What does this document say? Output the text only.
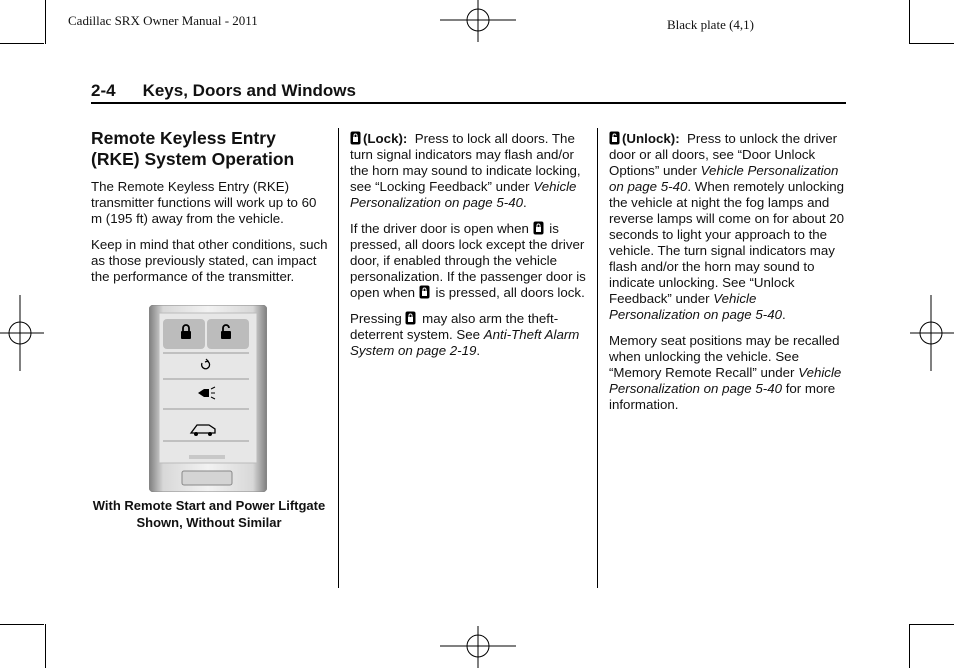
Cadillac SRX Owner Manual - 2011	Black plate (4,1)
2-4 Keys, Doors and Windows
Remote Keyless Entry
(RKE) System Operation

The Remote Keyless Entry (RKE) transmitter functions will work up to 60 m (195 ft) away from the vehicle.

Keep in mind that other conditions, such as those previously stated, can impact the performance of the transmitter.

With Remote Start and Power Liftgate Shown, Without Similar

(Lock): Press to lock all doors. The turn signal indicators may flash and/or the horn may sound to indicate locking, see “Locking Feedback” under Vehicle Personalization on page 5-40.

If the driver door is open when is pressed, all doors lock except the driver door, if enabled through the vehicle personalization. If the passenger door is open when is pressed, all doors lock.

Pressing may also arm the theft-deterrent system. See Anti-Theft Alarm System on page 2-19.

(Unlock): Press to unlock the driver door or all doors, see “Door Unlock Options” under Vehicle Personalization on page 5-40. When remotely unlocking the vehicle at night the fog lamps and reverse lamps will come on for about 20 seconds to light your approach to the vehicle. The turn signal indicators may flash and/or the horn may sound to indicate unlocking. See “Unlock Feedback” under Vehicle Personalization on page 5-40.

Memory seat positions may be recalled when unlocking the vehicle. See “Memory Remote Recall” under Vehicle Personalization on page 5-40 for more information.
